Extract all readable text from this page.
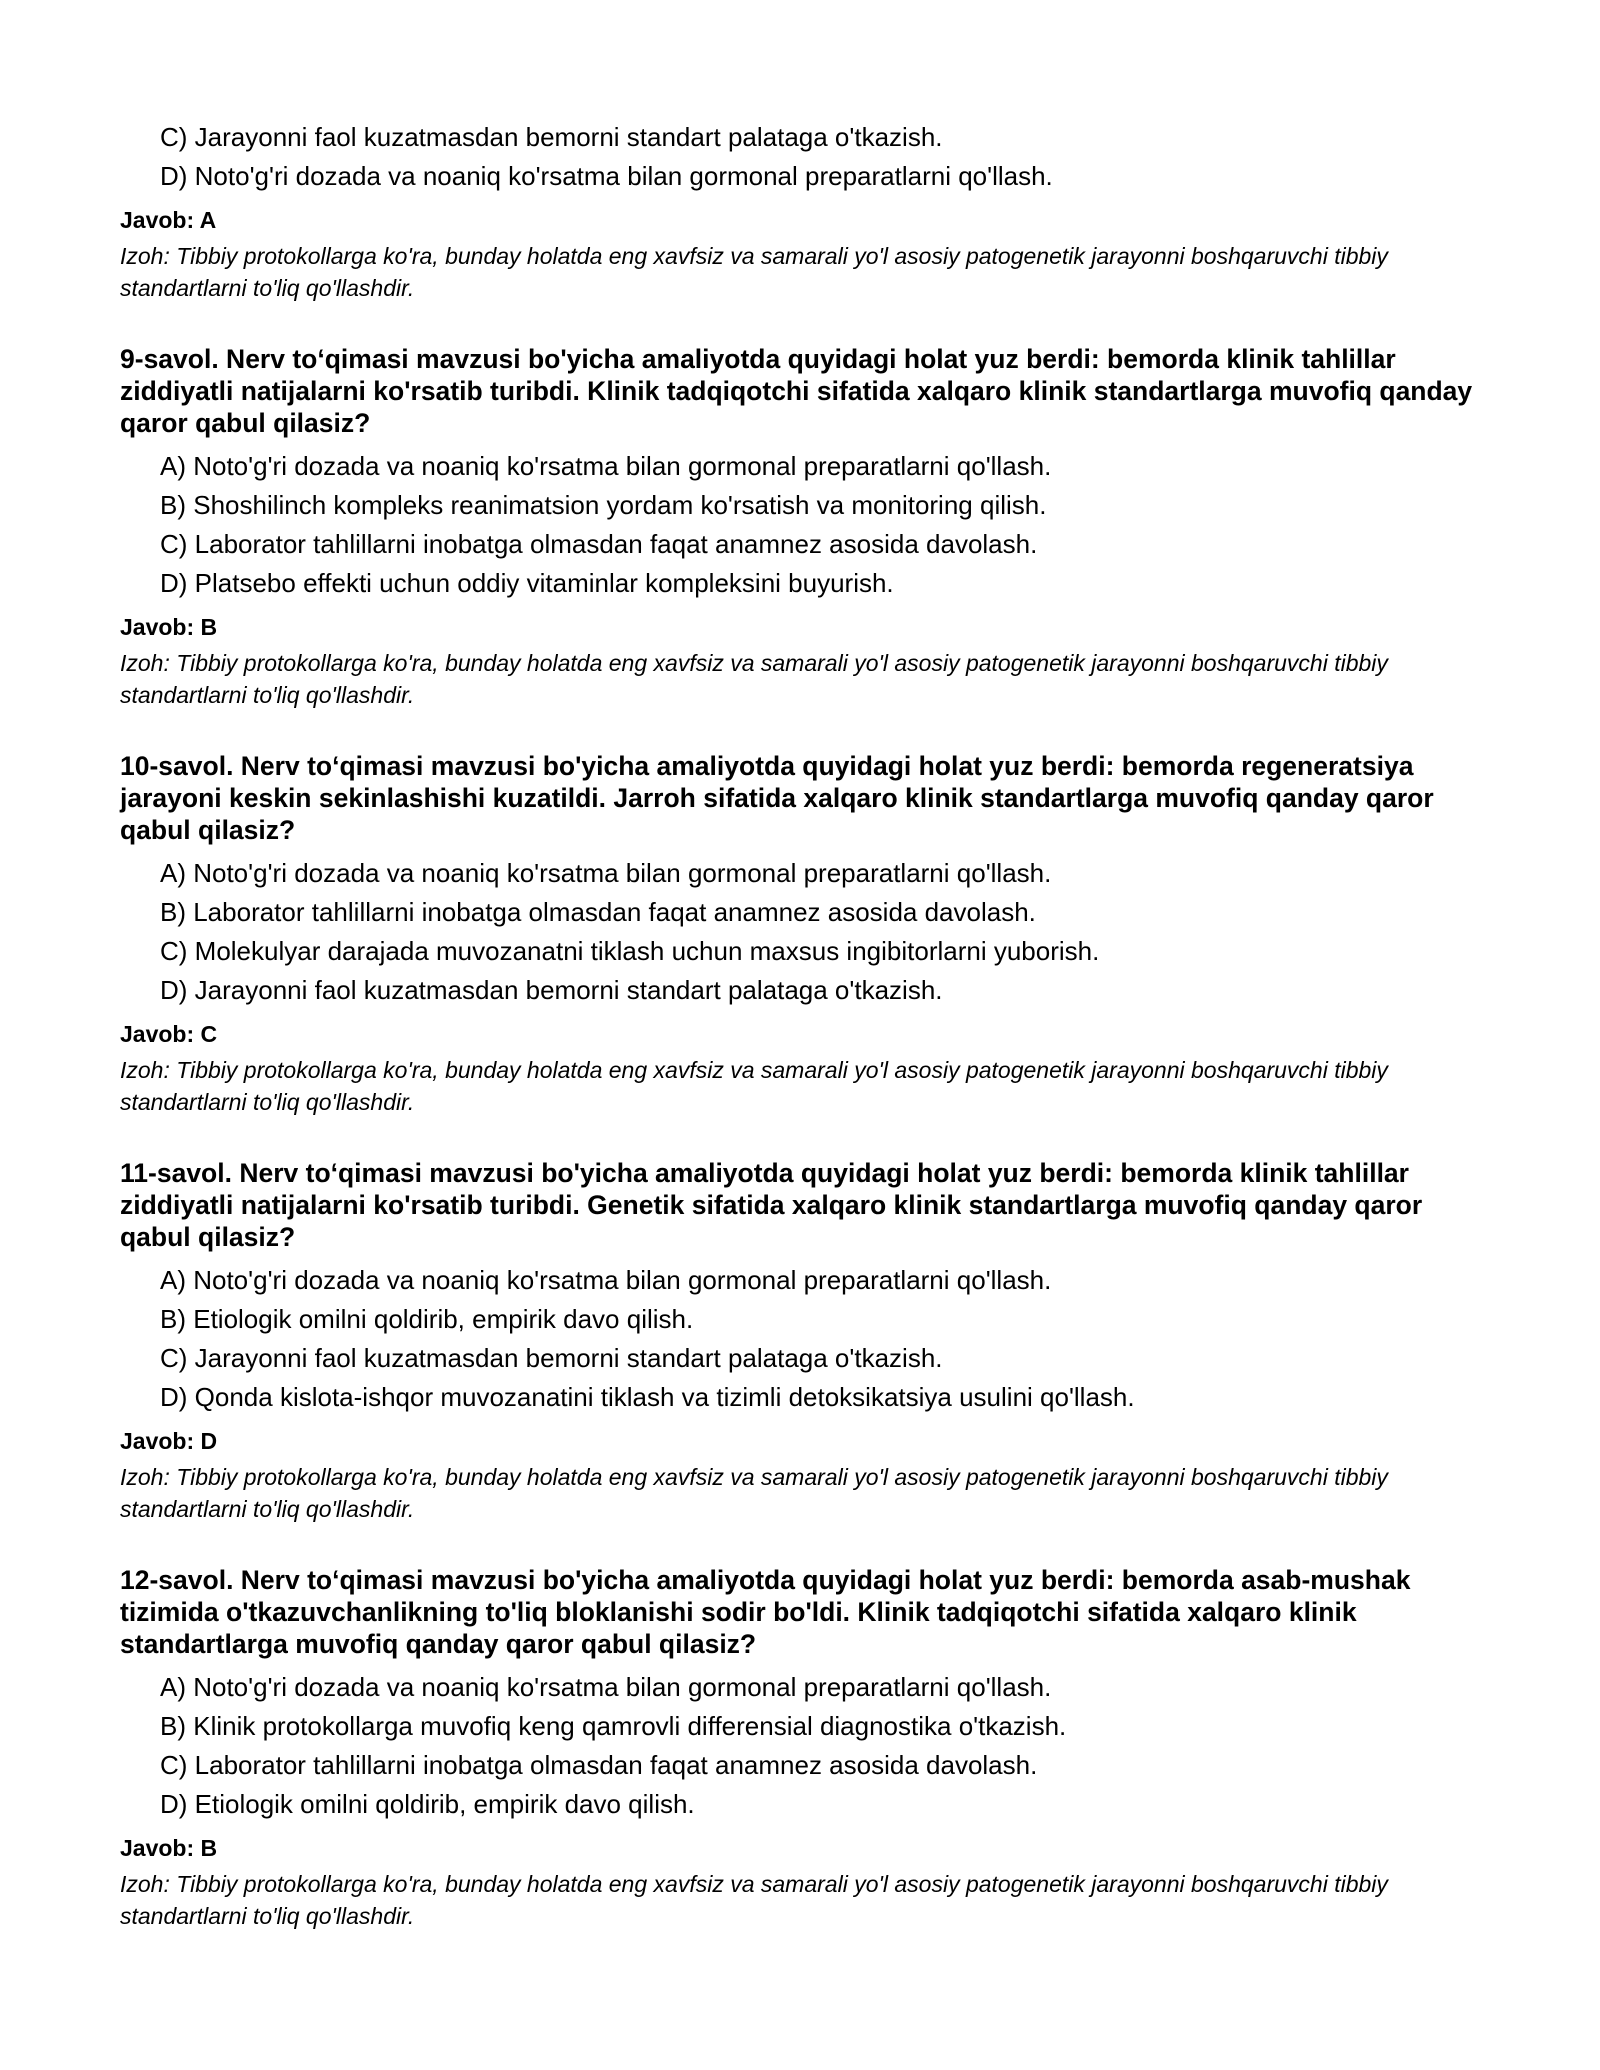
C) Jarayonni faol kuzatmasdan bemorni standart palataga o'tkazish.
D) Noto'g'ri dozada va noaniq ko'rsatma bilan gormonal preparatlarni qo'llash.
Javob: A
Izoh: Tibbiy protokollarga ko'ra, bunday holatda eng xavfsiz va samarali yo'l asosiy patogenetik jarayonni boshqaruvchi tibbiy standartlarni to'liq qo'llashdir.
9-savol. Nerv to‘qimasi mavzusi bo'yicha amaliyotda quyidagi holat yuz berdi: bemorda klinik tahlillar ziddiyatli natijalarni ko'rsatib turibdi. Klinik tadqiqotchi sifatida xalqaro klinik standartlarga muvofiq qanday qaror qabul qilasiz?
A) Noto'g'ri dozada va noaniq ko'rsatma bilan gormonal preparatlarni qo'llash.
B) Shoshilinch kompleks reanimatsion yordam ko'rsatish va monitoring qilish.
C) Laborator tahlillarni inobatga olmasdan faqat anamnez asosida davolash.
D) Platsebo effekti uchun oddiy vitaminlar kompleksini buyurish.
Javob: B
Izoh: Tibbiy protokollarga ko'ra, bunday holatda eng xavfsiz va samarali yo'l asosiy patogenetik jarayonni boshqaruvchi tibbiy standartlarni to'liq qo'llashdir.
10-savol. Nerv to‘qimasi mavzusi bo'yicha amaliyotda quyidagi holat yuz berdi: bemorda regeneratsiya jarayoni keskin sekinlashishi kuzatildi. Jarroh sifatida xalqaro klinik standartlarga muvofiq qanday qaror qabul qilasiz?
A) Noto'g'ri dozada va noaniq ko'rsatma bilan gormonal preparatlarni qo'llash.
B) Laborator tahlillarni inobatga olmasdan faqat anamnez asosida davolash.
C) Molekulyar darajada muvozanatni tiklash uchun maxsus ingibitorlarni yuborish.
D) Jarayonni faol kuzatmasdan bemorni standart palataga o'tkazish.
Javob: C
Izoh: Tibbiy protokollarga ko'ra, bunday holatda eng xavfsiz va samarali yo'l asosiy patogenetik jarayonni boshqaruvchi tibbiy standartlarni to'liq qo'llashdir.
11-savol. Nerv to‘qimasi mavzusi bo'yicha amaliyotda quyidagi holat yuz berdi: bemorda klinik tahlillar ziddiyatli natijalarni ko'rsatib turibdi. Genetik sifatida xalqaro klinik standartlarga muvofiq qanday qaror qabul qilasiz?
A) Noto'g'ri dozada va noaniq ko'rsatma bilan gormonal preparatlarni qo'llash.
B) Etiologik omilni qoldirib, empirik davo qilish.
C) Jarayonni faol kuzatmasdan bemorni standart palataga o'tkazish.
D) Qonda kislota-ishqor muvozanatini tiklash va tizimli detoksikatsiya usulini qo'llash.
Javob: D
Izoh: Tibbiy protokollarga ko'ra, bunday holatda eng xavfsiz va samarali yo'l asosiy patogenetik jarayonni boshqaruvchi tibbiy standartlarni to'liq qo'llashdir.
12-savol. Nerv to‘qimasi mavzusi bo'yicha amaliyotda quyidagi holat yuz berdi: bemorda asab-mushak tizimida o'tkazuvchanlikning to'liq bloklanishi sodir bo'ldi. Klinik tadqiqotchi sifatida xalqaro klinik standartlarga muvofiq qanday qaror qabul qilasiz?
A) Noto'g'ri dozada va noaniq ko'rsatma bilan gormonal preparatlarni qo'llash.
B) Klinik protokollarga muvofiq keng qamrovli differensial diagnostika o'tkazish.
C) Laborator tahlillarni inobatga olmasdan faqat anamnez asosida davolash.
D) Etiologik omilni qoldirib, empirik davo qilish.
Javob: B
Izoh: Tibbiy protokollarga ko'ra, bunday holatda eng xavfsiz va samarali yo'l asosiy patogenetik jarayonni boshqaruvchi tibbiy standartlarni to'liq qo'llashdir.
